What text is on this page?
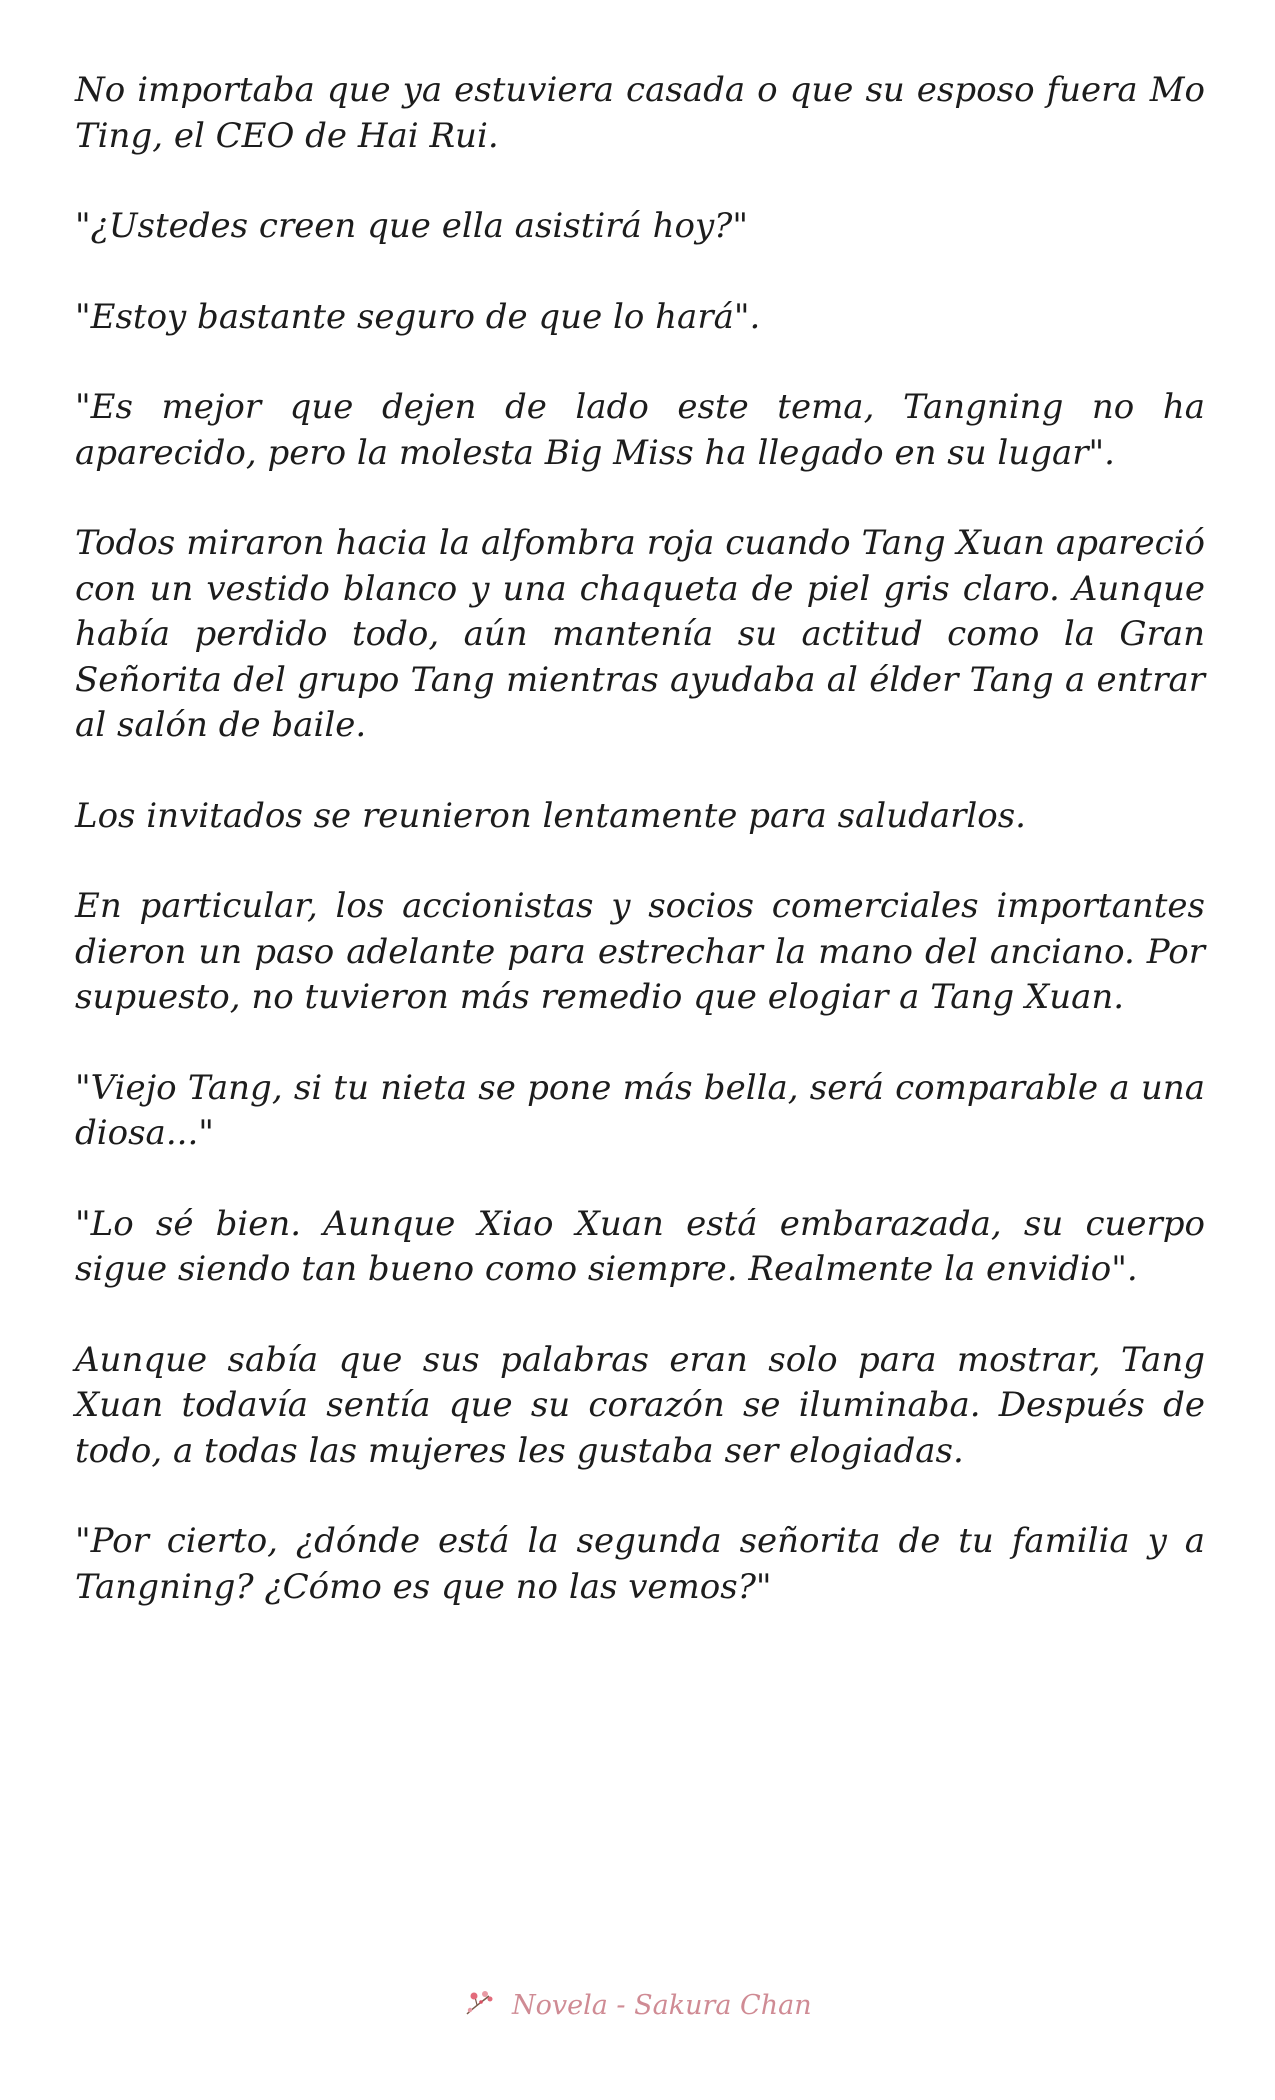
No importaba que ya estuviera casada o que su esposo fuera Mo Ting, el CEO de Hai Rui.

"¿Ustedes creen que ella asistirá hoy?"

"Estoy bastante seguro de que lo hará".

"Es mejor que dejen de lado este tema, Tangning no ha aparecido, pero la molesta Big Miss ha llegado en su lugar".

Todos miraron hacia la alfombra roja cuando Tang Xuan apareció con un vestido blanco y una chaqueta de piel gris claro. Aunque había perdido todo, aún mantenía su actitud como la Gran Señorita del grupo Tang mientras ayudaba al élder Tang a entrar al salón de baile.

Los invitados se reunieron lentamente para saludarlos.

En particular, los accionistas y socios comerciales importantes dieron un paso adelante para estrechar la mano del anciano. Por supuesto, no tuvieron más remedio que elogiar a Tang Xuan.

"Viejo Tang, si tu nieta se pone más bella, será comparable a una diosa..."

"Lo sé bien. Aunque Xiao Xuan está embarazada, su cuerpo sigue siendo tan bueno como siempre. Realmente la envidio".

Aunque sabía que sus palabras eran solo para mostrar, Tang Xuan todavía sentía que su corazón se iluminaba. Después de todo, a todas las mujeres les gustaba ser elogiadas.

"Por cierto, ¿dónde está la segunda señorita de tu familia y a Tangning? ¿Cómo es que no las vemos?"

Novela - Sakura Chan
